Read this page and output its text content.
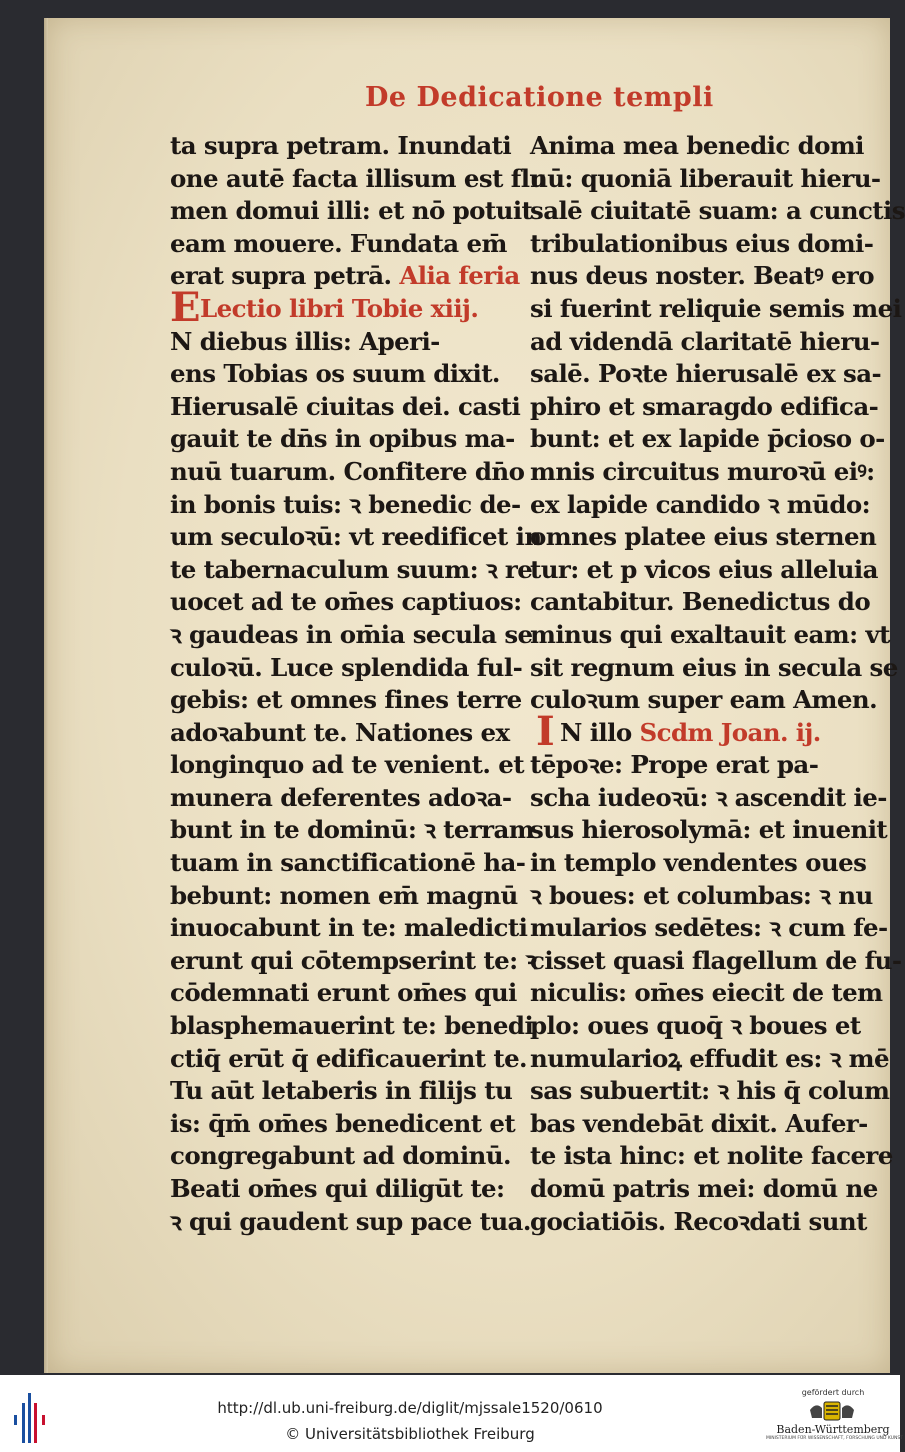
De Dedicatione templi
ta supra petram. Inundati
one autē facta illisum est flu
men domui illi: et nō potuit
eam mouere. Fundata em̄
erat supra petrā. Alia feria
ELectio libri Tobie xiij.
N diebus illis: Aperi-
ens Tobias os suum dixit.
Hierusalē ciuitas dei. casti
gauit te dn̄s in opibus ma-
nuū tuarum. Confitere dn̄o
in bonis tuis: ꝛ benedic de-
um seculoꝛū: vt reedificet in
te tabernaculum suum: ꝛ re
uocet ad te om̄es captiuos:
ꝛ gaudeas in om̄ia secula se
culoꝛū. Luce splendida ful-
gebis: et omnes fines terre
adoꝛabunt te. Nationes ex
longinquo ad te venient. et
munera deferentes adoꝛa-
bunt in te dominū: ꝛ terram
tuam in sanctificationē ha-
bebunt: nomen em̄ magnū
inuocabunt in te: maledicti
erunt qui cōtempserint te: ꝛ
cōdemnati erunt om̄es qui
blasphemauerint te: benedi
ctiq̄ erūt q̄ edificauerint te.
Tu aūt letaberis in filijs tu
is: q̄m̄ om̄es benedicent et
congregabunt ad dominū.
Beati om̄es qui diligūt te:
ꝛ qui gaudent sup pace tua.
Anima mea benedic domi
nū: quoniā liberauit hieru-
salē ciuitatē suam: a cunctis
tribulationibus eius domi-
nus deus noster. Beatꝰ ero
si fuerint reliquie semis mei
ad videndā claritatē hieru-
salē. Poꝛte hierusalē ex sa-
phiro et smaragdo edifica-
bunt: et ex lapide p̄cioso o-
mnis circuitus muroꝛū eiꝰ:
ex lapide candido ꝛ mūdo:
omnes platee eius sternen
tur: et p vicos eius alleluia
cantabitur. Benedictus do
minus qui exaltauit eam: vt
sit regnum eius in secula se
culoꝛum super eam Amen.
I N illo Scdm Joan. ij.
tēpoꝛe: Prope erat pa-
scha iudeoꝛū: ꝛ ascendit ie-
sus hierosolymā: et inuenit
in templo vendentes oues
ꝛ boues: et columbas: ꝛ nu
mularios sedētes: ꝛ cum fe-
cisset quasi flagellum de fu-
niculis: om̄es eiecit de tem
plo: oues quoq̄ ꝛ boues et
numularioꝝ effudit es: ꝛ mē
sas subuertit: ꝛ his q̄ colum
bas vendebāt dixit. Aufer-
te ista hinc: et nolite facere
domū patris mei: domū ne
gociatiōis. Recoꝛdati sunt
http://dl.ub.uni-freiburg.de/diglit/mjssale1520/0610
© Universitätsbibliothek Freiburg
gefördert durch
Baden-Württemberg
MINISTERIUM FÜR WISSENSCHAFT, FORSCHUNG UND KUNST
